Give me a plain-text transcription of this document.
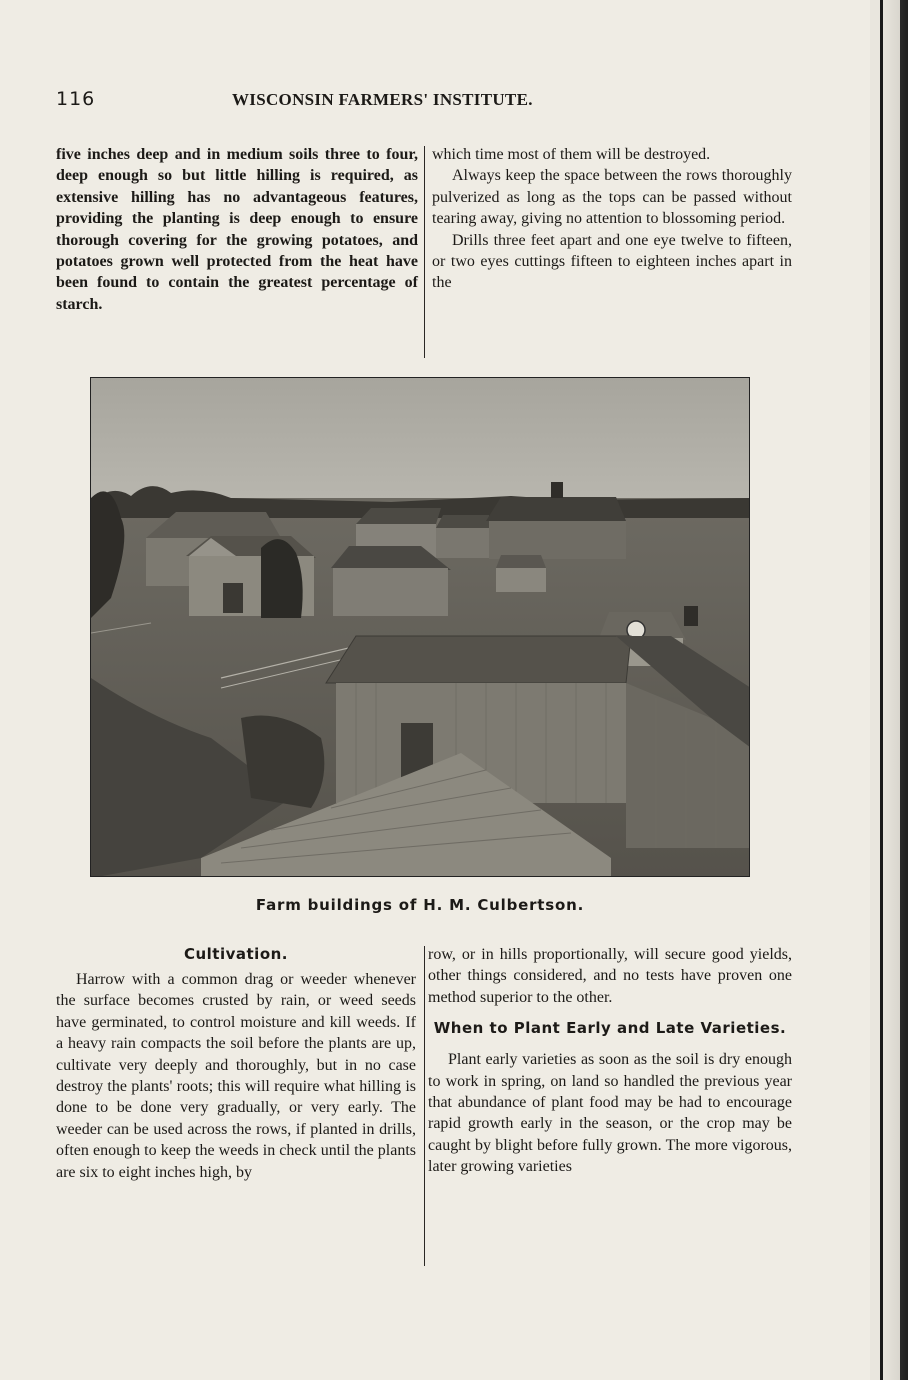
116	WISCONSIN FARMERS' INSTITUTE.

five inches deep and in medium soils three to four, deep enough so but little hilling is required, as extensive hilling has no advantageous features, providing the planting is deep enough to ensure thorough covering for the growing potatoes, and potatoes grown well protected from the heat have been found to contain the greatest percentage of starch.

which time most of them will be destroyed.

Always keep the space between the rows thoroughly pulverized as long as the tops can be passed without tearing away, giving no attention to blossoming period.

Drills three feet apart and one eye twelve to fifteen, or two eyes cuttings fifteen to eighteen inches apart in the

Farm buildings of H. M. Culbertson.
Cultivation.

Harrow with a common drag or weeder whenever the surface becomes crusted by rain, or weed seeds have germinated, to control moisture and kill weeds. If a heavy rain compacts the soil before the plants are up, cultivate very deeply and thoroughly, but in no case destroy the plants' roots; this will require what hilling is done to be done very gradually, or very early. The weeder can be used across the rows, if planted in drills, often enough to keep the weeds in check until the plants are six to eight inches high, by

row, or in hills proportionally, will secure good yields, other things considered, and no tests have proven one method superior to the other.

When to Plant Early and Late Varieties.

Plant early varieties as soon as the soil is dry enough to work in spring, on land so handled the previous year that abundance of plant food may be had to encourage rapid growth early in the season, or the crop may be caught by blight before fully grown. The more vigorous, later growing varieties
